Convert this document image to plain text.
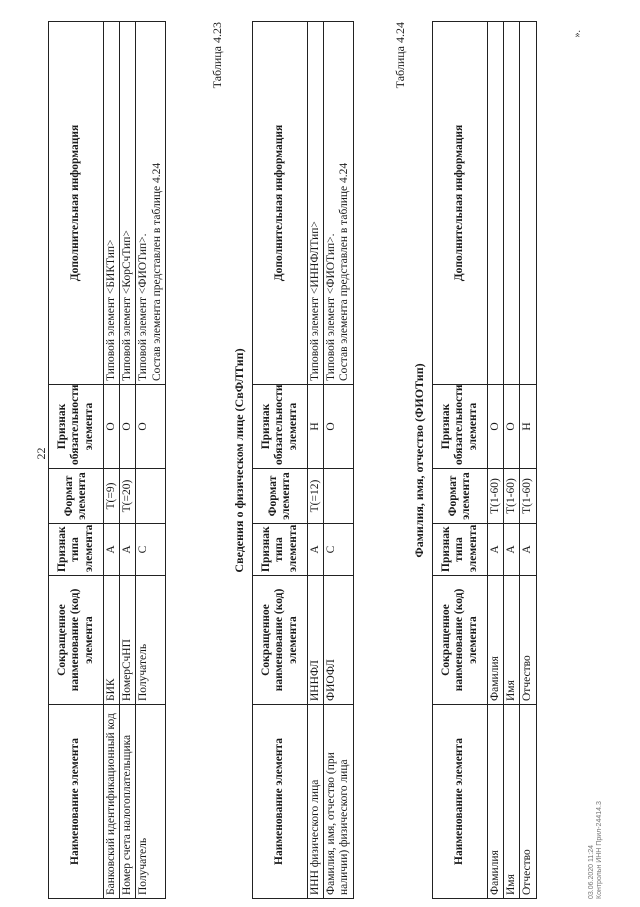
22
Наименование элемента	Сокращенное наименование (код) элемента	Признак типа элемента	Формат элемента	Признак обязательности элемента	Дополнительная информация
Банковский идентификационный код	БИК	А	Т(=9)	О	Типовой элемент <БИКТип>
Номер счета налогоплательщика	НомерСчНП	А	Т(=20)	О	Типовой элемент <КорСчТип>
Получатель	Получатель	С		О	Типовой элемент <ФИОТип>.
Состав элемента представлен в таблице 4.24
Таблица 4.23
Сведения о физическом лице (СвФЛТип)
Наименование элемента	Сокращенное наименование (код) элемента	Признак типа элемента	Формат элемента	Признак обязательности элемента	Дополнительная информация
ИНН физического лица	ИННФЛ	А	Т(=12)	Н	Типовой элемент <ИННФЛТип>
Фамилия, имя, отчество (при наличии) физического лица	ФИОФЛ	С		О	Типовой элемент <ФИОТип>.
Состав элемента представлен в таблице 4.24
Таблица 4.24
Фамилия, имя, отчество (ФИОТип)
Наименование элемента	Сокращенное наименование (код) элемента	Признак типа элемента	Формат элемента	Признак обязательности элемента	Дополнительная информация
Фамилия	Фамилия	А	Т(1-60)	О	
Имя	Имя	А	Т(1-60)	О	
Отчество	Отчество	А	Т(1-60)	Н	
03.06.2020 11:24 Контрольн ИНН Прил-24414.3
».
